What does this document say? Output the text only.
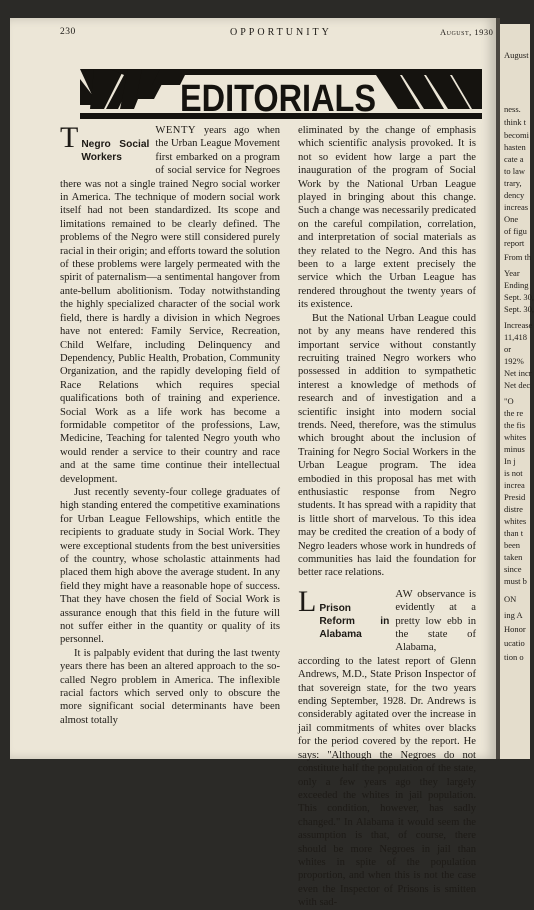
August
ness.
think t
becomi
hasten
cate a
to law
trary,
dency
increas
One
of figu
report
From th
Year
Ending
Sept. 30,
Sept. 30,
Increase
11,418
or
192%
Net incr
Net dec
"O
the re
the fis
whites
minus
In j
is not
increa
Presid
distre
whites
than t
been
taken
since
must b
ON
ing A
Honor
ucatio
tion o
230	OPPORTUNITY	August, 1930
EDITORIALS

T	WENTY
Negro Social Workers
years ago when the Urban League Movement first embarked on a program of social service for Negroes there was not a single trained Negro social worker in America. The technique of modern social work itself had not been standardized. Its scope and limitations remained to be clearly defined. The problems of the Negro were still considered purely racial in their origin; and efforts toward the solution of these problems were largely permeated with the spirit of paternalism—a sentimental hangover from ante-bellum abolitionism. Today notwithstanding the highly specialized character of the social work field, there is hardly a division in which Negroes have not entered: Family Service, Recreation, Child Welfare, including Delinquency and Dependency, Public Health, Probation, Community Organization, and the rapidly developing field of Race Relations which requires special qualifications both of training and experience. Social Work as a life work has become a formidable competitor of the professions, Law, Medicine, Teaching for talented Negro youth who would render a service to their country and race and at the same time continue their intellectual development.

Just recently seventy-four college graduates of high standing entered the competitive examinations for Urban League Fellowships, which entitle the recipients to graduate study in Social Work. They were exceptional students from the best universities of the country, whose scholastic attainments had placed them high above the average student. In any field they might have a reasonable hope of success. That they have chosen the field of Social Work is assurance enough that this field in the future will not suffer either in the quantity or quality of its personnel.

It is palpably evident that during the last twenty years there has been an altered approach to the so-called Negro problem in America. The inflexible racial factors which served only to obscure the more significant social determinants have been almost totally

eliminated by the change of emphasis which scientific analysis provoked. It is not so evident how large a part the inauguration of the program of Social Work by the National Urban League played in bringing about this change. Such a change was necessarily predicated on the careful compilation, correlation, and interpretation of social materials as they related to the Negro. And this has been to a large extent precisely the service which the Urban League has rendered throughout the twenty years of its existence.

But the National Urban League could not by any means have rendered this important service without constantly recruiting trained Negro workers who possessed in addition to sympathetic interest a knowledge of methods of research and of investigation and a scientific insight into modern social trends. Need, therefore, was the stimulus which brought about the inclusion of Training for Negro Social Workers in the Urban League program. The idea embodied in this proposal has met with enthusiastic response from Negro students. It has spread with a rapidity that is little short of marvelous. To this idea may be credited the creation of a body of Negro leaders whose work in hundreds of communities has laid the foundation for better race relations.

L	AW
Prison Reform in Alabama
observance is evidently at a pretty low ebb in the state of Alabama, according to the latest report of Glenn Andrews, M.D., State Prison Inspector of that sovereign state, for the two years ending September, 1928. Dr. Andrews is considerably agitated over the increase in jail commitments of whites over blacks for the period covered by the report. He says: "Although the Negroes do not constitute half the population of the state, only a few years ago they largely exceeded the whites in jail population. This condition, however, has sadly changed." In Alabama it would seem the assumption is that, of course, there should be more Negroes in jail than whites in spite of the population proportion, and when this is not the case even the Inspector of Prisons is smitten with sad-
